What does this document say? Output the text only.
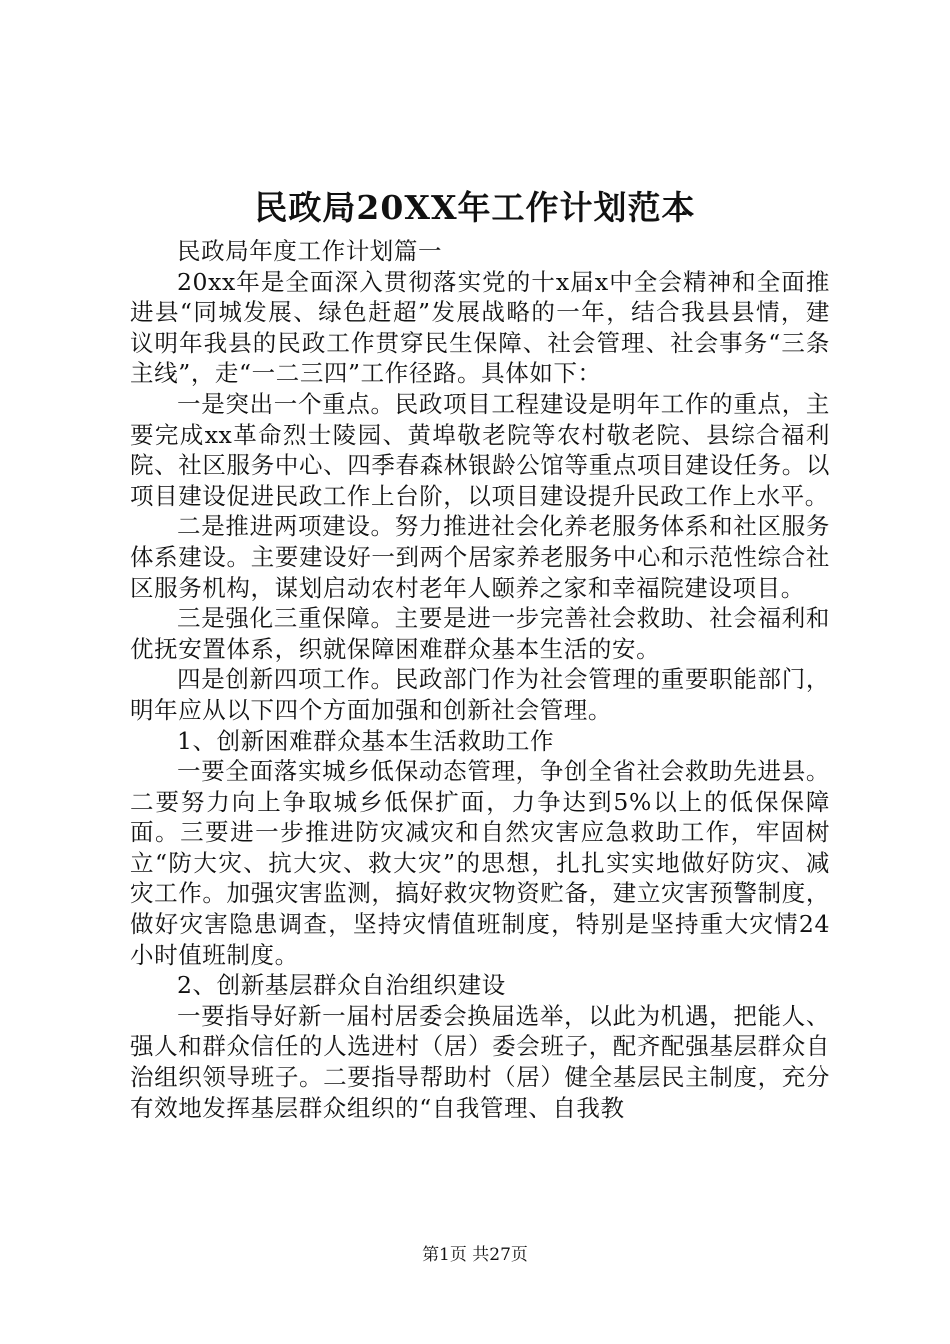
民政局20XX年工作计划范本

民政局年度工作计划篇一

20xx年是全面深入贯彻落实党的十x届x中全会精神和全面推进县“同城发展、绿色赶超”发展战略的一年，结合我县县情，建议明年我县的民政工作贯穿民生保障、社会管理、社会事务“三条主线”，走“一二三四”工作径路。具体如下：

一是突出一个重点。民政项目工程建设是明年工作的重点，主要完成xx革命烈士陵园、黄埠敬老院等农村敬老院、县综合福利院、社区服务中心、四季春森林银龄公馆等重点项目建设任务。以项目建设促进民政工作上台阶，以项目建设提升民政工作上水平。

二是推进两项建设。努力推进社会化养老服务体系和社区服务体系建设。主要建设好一到两个居家养老服务中心和示范性综合社区服务机构，谋划启动农村老年人颐养之家和幸福院建设项目。

三是强化三重保障。主要是进一步完善社会救助、社会福利和优抚安置体系，织就保障困难群众基本生活的安。

四是创新四项工作。民政部门作为社会管理的重要职能部门，明年应从以下四个方面加强和创新社会管理。

1、创新困难群众基本生活救助工作

一要全面落实城乡低保动态管理，争创全省社会救助先进县。二要努力向上争取城乡低保扩面，力争达到5%以上的低保保障面。三要进一步推进防灾减灾和自然灾害应急救助工作，牢固树立“防大灾、抗大灾、救大灾”的思想，扎扎实实地做好防灾、减灾工作。加强灾害监测，搞好救灾物资贮备，建立灾害预警制度，做好灾害隐患调查，坚持灾情值班制度，特别是坚持重大灾情24小时值班制度。

2、创新基层群众自治组织建设

一要指导好新一届村居委会换届选举，以此为机遇，把能人、强人和群众信任的人选进村（居）委会班子，配齐配强基层群众自治组织领导班子。二要指导帮助村（居）健全基层民主制度，充分有效地发挥基层群众组织的“自我管理、自我教

第1页 共27页
